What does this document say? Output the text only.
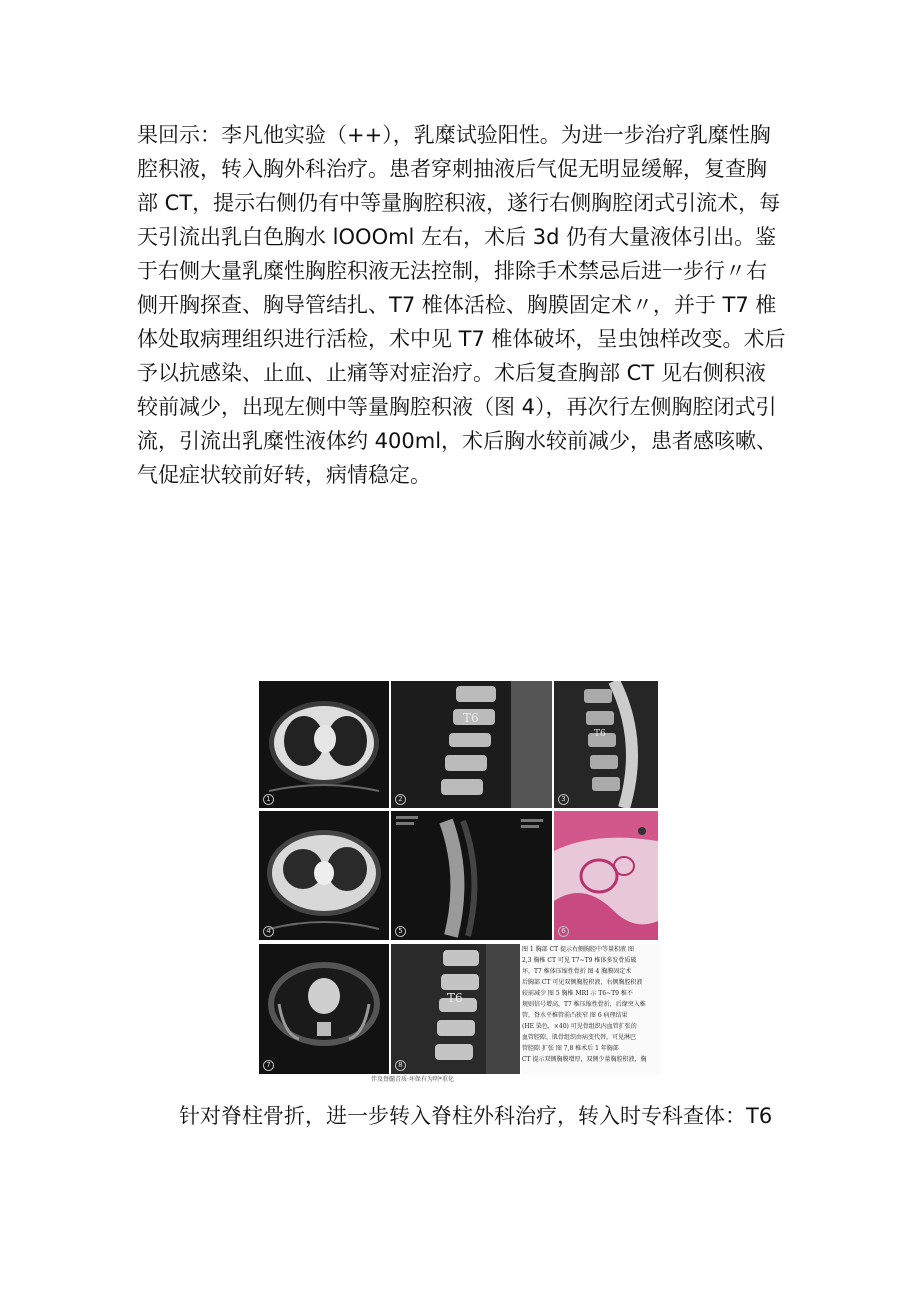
果回示：李凡他实验（++），乳糜试验阳性。为进一步治疗乳糜性胸
腔积液，转入胸外科治疗。患者穿刺抽液后气促无明显缓解，复查胸
部 CT，提示右侧仍有中等量胸腔积液，遂行右侧胸腔闭式引流术，每
天引流出乳白色胸水 lOOOml 左右，术后 3d 仍有大量液体引出。鉴
于右侧大量乳糜性胸腔积液无法控制，排除手术禁忌后进一步行〃右
侧开胸探查、胸导管结扎、T7 椎体活检、胸膜固定术〃，并于 T7 椎
体处取病理组织进行活检，术中见 T7 椎体破坏，呈虫蚀样改变。术后
予以抗感染、止血、止痛等对症治疗。术后复查胸部 CT 见右侧积液
较前减少，出现左侧中等量胸腔积液（图 4），再次行左侧胸腔闭式引
流，引流出乳糜性液体约 400ml，术后胸水较前减少，患者感咳嗽、
气促症状较前好转，病情稳定。
1
T6
2
T6
3
4	5	6
7
T6
8
图 1 胸部 CT 提示右侧胸腔中等量积液 图
2,3 胸椎 CT 可见 T7~T9 椎体多发骨质破
坏，T7 椎体压缩性骨折 图 4 胸膜固定术
后胸部 CT 可见双侧胸腔积液，右侧胸腔积液
较前减少 图 5 胸椎 MRI 示 T6~T9 椎不
规则信号增高，T7 椎压缩性骨折，后缘突入椎
管，脊水平椎管前凸狭窄 图 6 病理结果
(HE 染色，×40) 可见骨组织内血管扩张的
血管腔隙，肌骨组织由病变代替，可见淋巴
管腔隙 扩张 图 7,8 椎术后 1 年胸部
CT 提示双侧胸膜增厚，双侧少量胸腔积液，胸
伴及脊髓青质·坏保有为明*重化
针对脊柱骨折，进一步转入脊柱外科治疗，转入时专科查体：T6
